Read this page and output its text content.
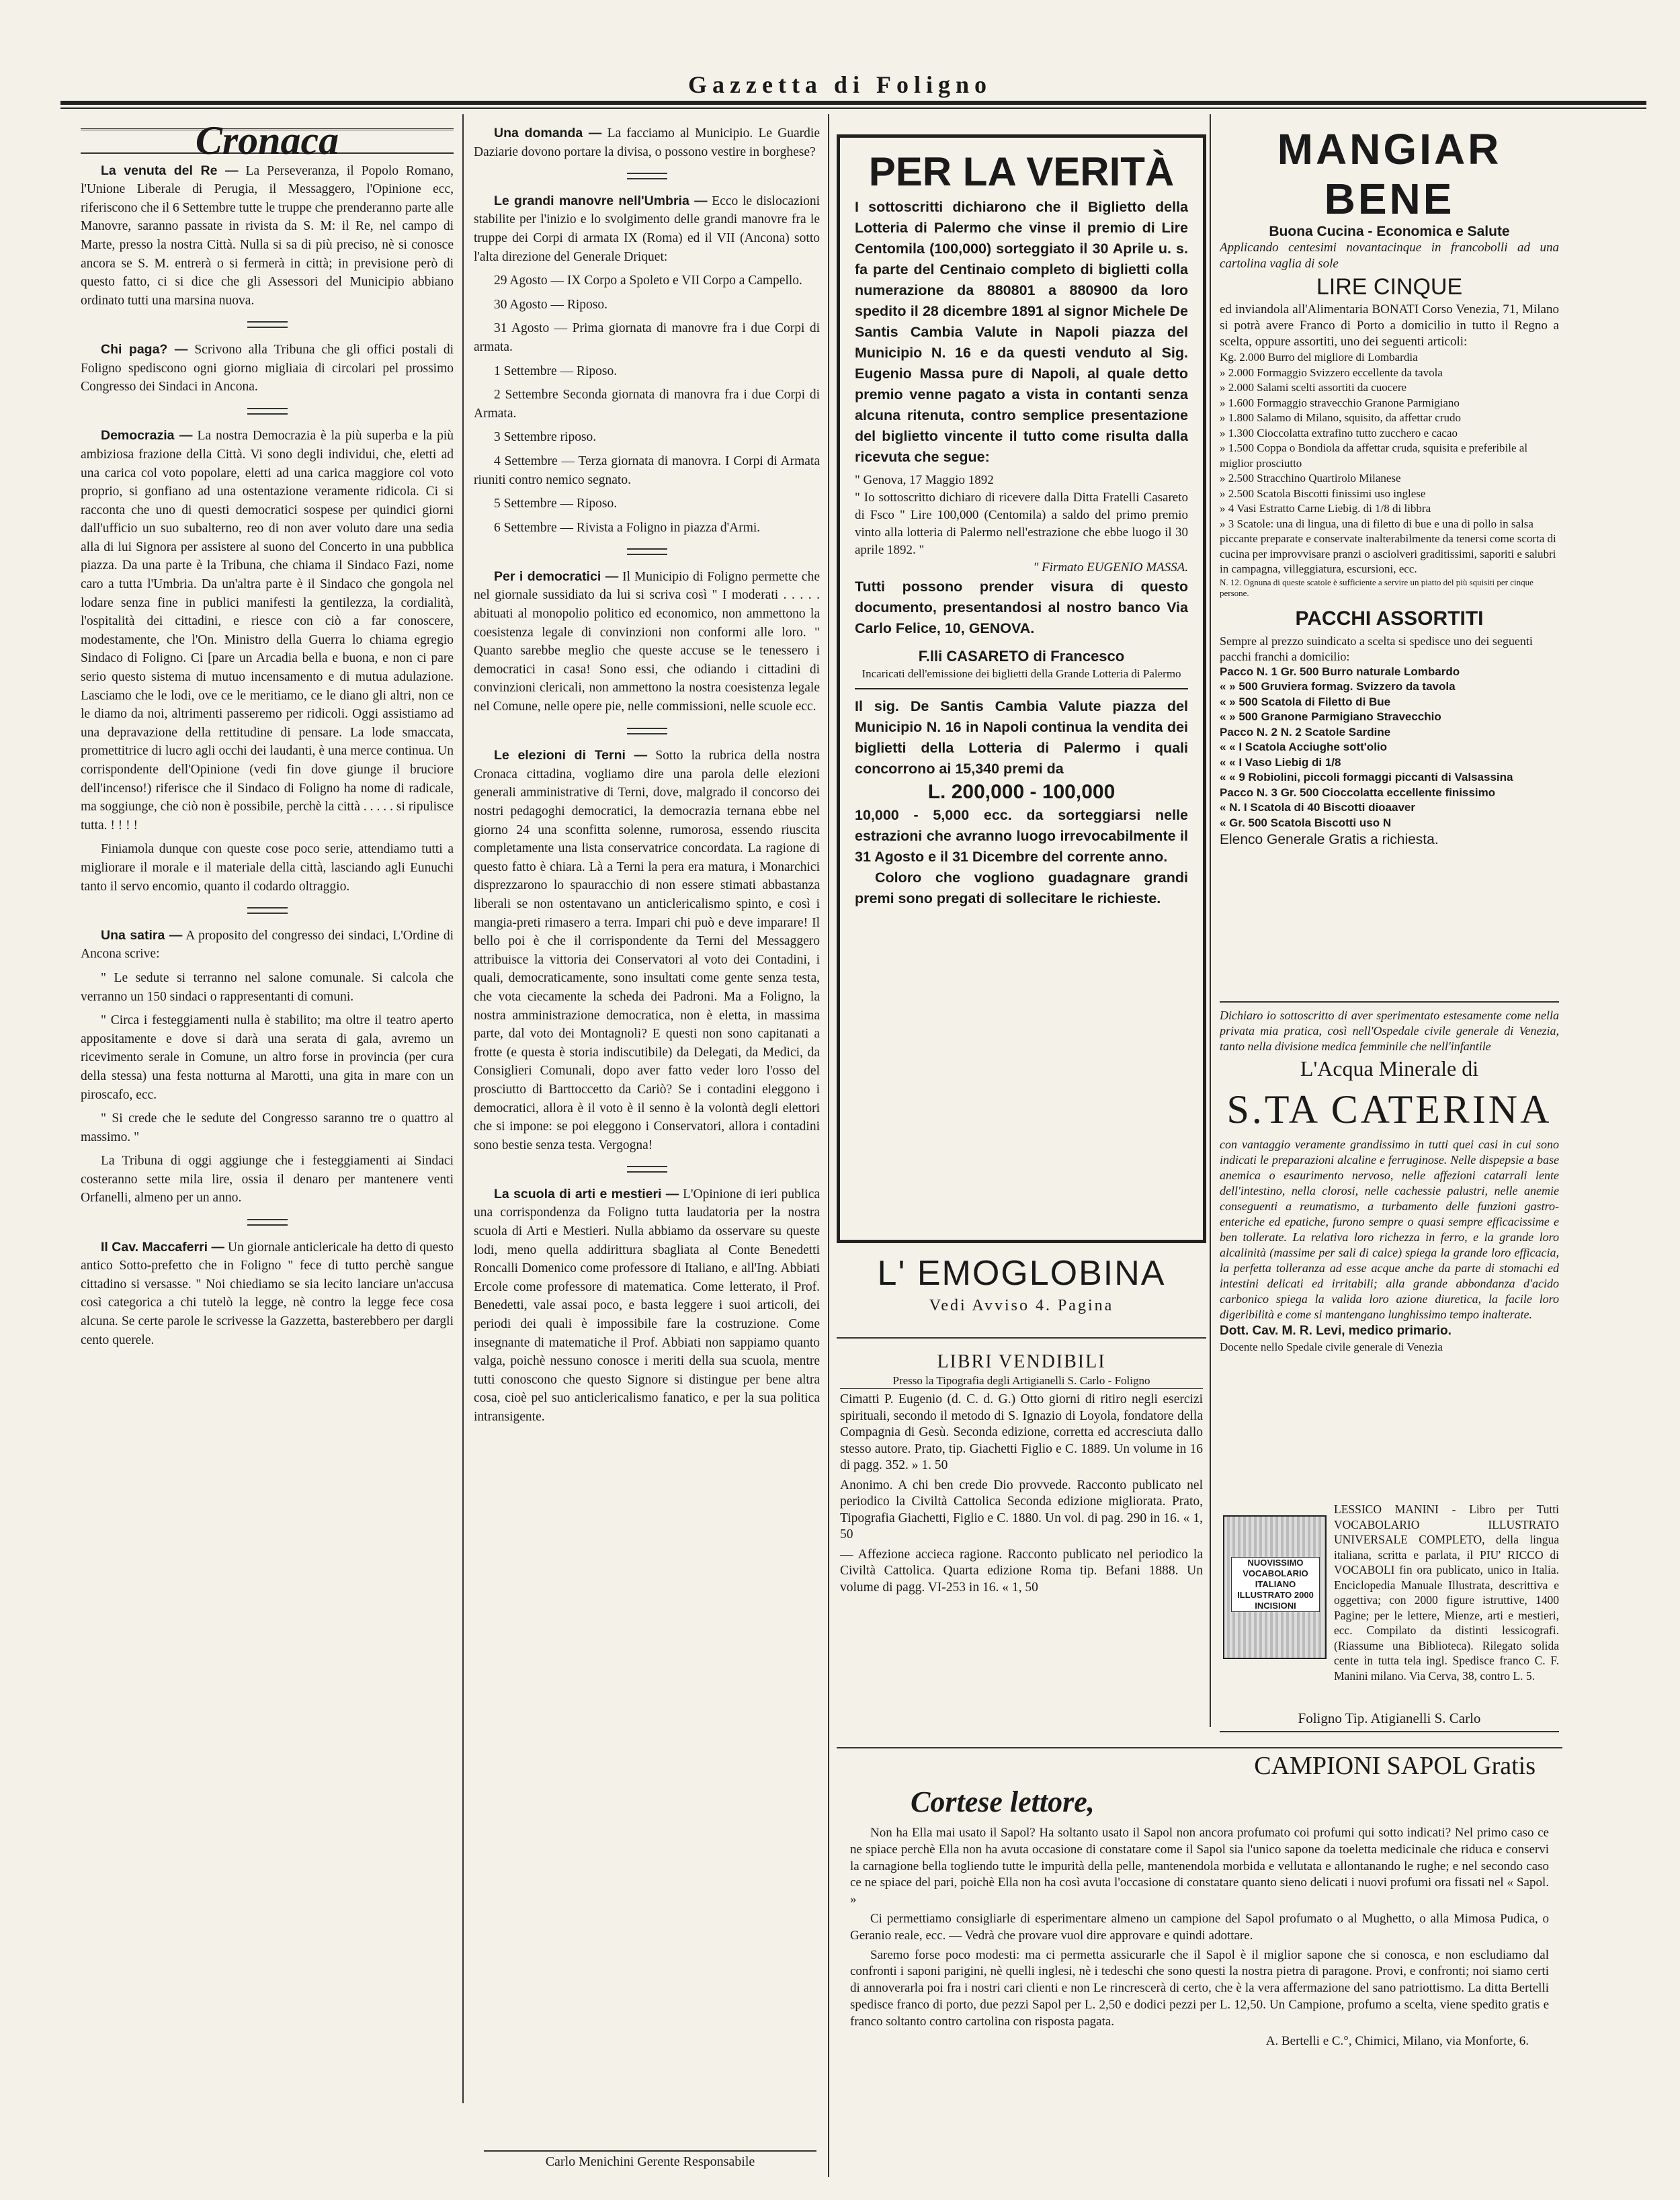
Gazzetta di Foligno
Cronaca

La venuta del Re — La Perseveranza, il Popolo Romano, l'Unione Liberale di Perugia, il Messaggero, l'Opinione ecc, riferiscono che il 6 Settembre tutte le truppe che prenderanno parte alle Manovre, saranno passate in rivista da S. M: il Re, nel campo di Marte, presso la nostra Città. Nulla si sa di più preciso, nè si conosce ancora se S. M. entrerà o si fermerà in città; in previsione però di questo fatto, ci si dice che gli Assessori del Municipio abbiano ordinato tutti una marsina nuova.

Chi paga? — Scrivono alla Tribuna che gli offici postali di Foligno spediscono ogni giorno migliaia di circolari pel prossimo Congresso dei Sindaci in Ancona.

Democrazia — La nostra Democrazia è la più superba e la più ambiziosa frazione della Città. Vi sono degli individui, che, eletti ad una carica col voto popolare, eletti ad una carica maggiore col voto proprio, si gonfiano ad una ostentazione veramente ridicola. Ci si racconta che uno di questi democratici sospese per quindici giorni dall'ufficio un suo subalterno, reo di non aver voluto dare una sedia alla di lui Signora per assistere al suono del Concerto in una pubblica piazza. Da una parte è la Tribuna, che chiama il Sindaco Fazi, nome caro a tutta l'Umbria. Da un'altra parte è il Sindaco che gongola nel lodare senza fine in publici manifesti la gentilezza, la cordialità, l'ospitalità dei cittadini, e riesce con ciò a far conoscere, modestamente, che l'On. Ministro della Guerra lo chiama egregio Sindaco di Foligno. Ci [pare un Arcadia bella e buona, e non ci pare serio questo sistema di mutuo incensamento e di mutua adulazione. Lasciamo che le lodi, ove ce le meritiamo, ce le diano gli altri, non ce le diamo da noi, altrimenti passeremo per ridicoli. Oggi assistiamo ad una depravazione della rettitudine di pensare. La lode smaccata, promettitrice di lucro agli occhi dei laudanti, è una merce continua. Un corrispondente dell'Opinione (vedi fin dove giunge il bruciore dell'incenso!) riferisce che il Sindaco di Foligno ha nome di radicale, ma soggiunge, che ciò non è possibile, perchè la città . . . . . si ripulisce tutta. ! ! ! !

Finiamola dunque con queste cose poco serie, attendiamo tutti a migliorare il morale e il materiale della città, lasciando agli Eunuchi tanto il servo encomio, quanto il codardo oltraggio.

Una satira — A proposito del congresso dei sindaci, L'Ordine di Ancona scrive:

" Le sedute si terranno nel salone comunale. Si calcola che verranno un 150 sindaci o rappresentanti di comuni.

" Circa i festeggiamenti nulla è stabilito; ma oltre il teatro aperto appositamente e dove si darà una serata di gala, avremo un ricevimento serale in Comune, un altro forse in provincia (per cura della stessa) una festa notturna al Marotti, una gita in mare con un piroscafo, ecc.

" Si crede che le sedute del Congresso saranno tre o quattro al massimo. "

La Tribuna di oggi aggiunge che i festeggiamenti ai Sindaci costeranno sette mila lire, ossia il denaro per mantenere venti Orfanelli, almeno per un anno.

Il Cav. Maccaferri — Un giornale anticlericale ha detto di questo antico Sotto-prefetto che in Foligno " fece di tutto perchè sangue cittadino si versasse. " Noi chiediamo se sia lecito lanciare un'accusa così categorica a chi tutelò la legge, nè contro la legge fece cosa alcuna. Se certe parole le scrivesse la Gazzetta, basterebbero per dargli cento querele.

Una domanda — La facciamo al Municipio. Le Guardie Daziarie dovono portare la divisa, o possono vestire in borghese?

Le grandi manovre nell'Umbria — Ecco le dislocazioni stabilite per l'inizio e lo svolgimento delle grandi manovre fra le truppe dei Corpi di armata IX (Roma) ed il VII (Ancona) sotto l'alta direzione del Generale Driquet:

29 Agosto — IX Corpo a Spoleto e VII Corpo a Campello.

30 Agosto — Riposo.

31 Agosto — Prima giornata di manovre fra i due Corpi di armata.

1 Settembre — Riposo.

2 Settembre Seconda giornata di manovra fra i due Corpi di Armata.

3 Settembre riposo.

4 Settembre — Terza giornata di manovra. I Corpi di Armata riuniti contro nemico segnato.

5 Settembre — Riposo.

6 Settembre — Rivista a Foligno in piazza d'Armi.

Per i democratici — Il Municipio di Foligno permette che nel giornale sussidiato da lui si scriva così " I moderati . . . . . abituati al monopolio politico ed economico, non ammettono la coesistenza legale di convinzioni non conformi alle loro. " Quanto sarebbe meglio che queste accuse se le tenessero i democratici in casa! Sono essi, che odiando i cittadini di convinzioni clericali, non ammettono la nostra coesistenza legale nel Comune, nelle opere pie, nelle commissioni, nelle scuole ecc.

Le elezioni di Terni — Sotto la rubrica della nostra Cronaca cittadina, vogliamo dire una parola delle elezioni generali amministrative di Terni, dove, malgrado il concorso dei nostri pedagoghi democratici, la democrazia ternana ebbe nel giorno 24 una sconfitta solenne, rumorosa, essendo riuscita completamente una lista conservatrice concordata. La ragione di questo fatto è chiara. Là a Terni la pera era matura, i Monarchici disprezzarono lo spauracchio di non essere stimati abbastanza liberali se non ostentavano un anticlericalismo spinto, e così i mangia-preti rimasero a terra. Impari chi può e deve imparare! Il bello poi è che il corrispondente da Terni del Messaggero attribuisce la vittoria dei Conservatori al voto dei Contadini, i quali, democraticamente, sono insultati come gente senza testa, che vota ciecamente la scheda dei Padroni. Ma a Foligno, la nostra amministrazione democratica, non è eletta, in massima parte, dal voto dei Montagnoli? E questi non sono capitanati a frotte (e questa è storia indiscutibile) da Delegati, da Medici, da Consiglieri Comunali, dopo aver fatto veder loro l'osso del prosciutto di Barttoccetto da Cariò? Se i contadini eleggono i democratici, allora è il voto è il senno è la volontà degli elettori che si impone: se poi eleggono i Conservatori, allora i contadini sono bestie senza testa. Vergogna!

La scuola di arti e mestieri — L'Opinione di ieri publica una corrispondenza da Foligno tutta laudatoria per la nostra scuola di Arti e Mestieri. Nulla abbiamo da osservare su queste lodi, meno quella addirittura sbagliata al Conte Benedetti Roncalli Domenico come professore di Italiano, e all'Ing. Abbiati Ercole come professore di matematica. Come letterato, il Prof. Benedetti, vale assai poco, e basta leggere i suoi articoli, dei periodi dei quali è impossibile fare la costruzione. Come insegnante di matematiche il Prof. Abbiati non sappiamo quanto valga, poichè nessuno conosce i meriti della sua scuola, mentre tutti conoscono che questo Signore si distingue per bene altra cosa, cioè pel suo anticlericalismo fanatico, e per la sua politica intransigente.

Carlo Menichini Gerente Responsabile
PER LA VERITÀ
I sottoscritti dichiarono che il Biglietto della Lotteria di Palermo che vinse il premio di Lire Centomila (100,000) sorteggiato il 30 Aprile u. s. fa parte del Centinaio completo di biglietti colla numerazione da 880801 a 880900 da loro spedito il 28 dicembre 1891 al signor Michele De Santis Cambia Valute in Napoli piazza del Municipio N. 16 e da questi venduto al Sig. Eugenio Massa pure di Napoli, al quale detto premio venne pagato a vista in contanti senza alcuna ritenuta, contro semplice presentazione del biglietto vincente il tutto come risulta dalla ricevuta che segue:
" Genova, 17 Maggio 1892
" Io sottoscritto dichiaro di ricevere dalla Ditta Fratelli Casareto di Fsco " Lire 100,000 (Centomila) a saldo del primo premio vinto alla lotteria di Palermo nell'estrazione che ebbe luogo il 30 aprile 1892. "
" Firmato EUGENIO MASSA.
Tutti possono prender visura di questo documento, presentandosi al nostro banco Via Carlo Felice, 10, GENOVA.
F.lli CASARETO di Francesco
Incaricati dell'emissione dei biglietti della Grande Lotteria di Palermo
Il sig. De Santis Cambia Valute piazza del Municipio N. 16 in Napoli continua la vendita dei biglietti della Lotteria di Palermo i quali concorrono ai 15,340 premi da
L. 200,000 - 100,000
10,000 - 5,000 ecc. da sorteggiarsi nelle estrazioni che avranno luogo irrevocabilmente il 31 Agosto e il 31 Dicembre del corrente anno.
Coloro che vogliono guadagnare grandi premi sono pregati di sollecitare le richieste.
L' EMOGLOBINA
Vedi Avviso 4. Pagina
LIBRI VENDIBILI
Presso la Tipografia degli Artigianelli S. Carlo - Foligno
Cimatti P. Eugenio (d. C. d. G.) Otto giorni di ritiro negli esercizi spirituali, secondo il metodo di S. Ignazio di Loyola, fondatore della Compagnia di Gesù. Seconda edizione, corretta ed accresciuta dallo stesso autore. Prato, tip. Giachetti Figlio e C. 1889. Un volume in 16 di pagg. 352. » 1. 50
Anonimo. A chi ben crede Dio provvede. Racconto publicato nel periodico la Civiltà Cattolica Seconda edizione migliorata. Prato, Tipografia Giachetti, Figlio e C. 1880. Un vol. di pag. 290 in 16. « 1, 50
— Affezione accieca ragione. Racconto publicato nel periodico la Civiltà Cattolica. Quarta edizione Roma tip. Befani 1888. Un volume di pagg. VI-253 in 16. « 1, 50
MANGIAR BENE
Buona Cucina - Economica e Salute
Applicando centesimi novantacinque in francobolli ad una cartolina vaglia di sole
LIRE CINQUE
ed inviandola all'Alimentaria BONATI Corso Venezia, 71, Milano si potrà avere Franco di Porto a domicilio in tutto il Regno a scelta, oppure assortiti, uno dei seguenti articoli:
Kg. 2.000 Burro del migliore di Lombardia
» 2.000 Formaggio Svizzero eccellente da tavola
» 2.000 Salami scelti assortiti da cuocere
» 1.600 Formaggio stravecchio Granone Parmigiano
» 1.800 Salamo di Milano, squisito, da affettar crudo
» 1.300 Cioccolatta extrafino tutto zucchero e cacao
» 1.500 Coppa o Bondiola da affettar cruda, squisita e preferibile al miglior prosciutto
» 2.500 Stracchino Quartirolo Milanese
» 2.500 Scatola Biscotti finissimi uso inglese
» 4 Vasi Estratto Carne Liebig. di 1/8 di libbra
» 3 Scatole: una di lingua, una di filetto di bue e una di pollo in salsa piccante preparate e conservate inalterabilmente da tenersi come scorta di cucina per improvvisare pranzi o asciolveri graditissimi, saporiti e salubri in campagna, villeggiatura, escursioni, ecc.
N. 12. Ognuna di queste scatole è sufficiente a servire un piatto del più squisiti per cinque persone.
PACCHI ASSORTITI
Sempre al prezzo suindicato a scelta si spedisce uno dei seguenti pacchi franchi a domicilio:
Pacco N. 1 Gr. 500 Burro naturale Lombardo
« » 500 Gruviera formag. Svizzero da tavola
« » 500 Scatola di Filetto di Bue
« » 500 Granone Parmigiano Stravecchio
Pacco N. 2 N. 2 Scatole Sardine
« « I Scatola Acciughe sott'olio
« « I Vaso Liebig di 1/8
« « 9 Robiolini, piccoli formaggi piccanti di Valsassina
Pacco N. 3 Gr. 500 Cioccolatta eccellente finissimo
« N. I Scatola di 40 Biscotti dioaaver
« Gr. 500 Scatola Biscotti uso N
Elenco Generale Gratis a richiesta.
Dichiaro io sottoscritto di aver sperimentato estesamente come nella privata mia pratica, così nell'Ospedale civile generale di Venezia, tanto nella divisione medica femminile che nell'infantile
L'Acqua Minerale di
S.TA CATERINA
con vantaggio veramente grandissimo in tutti quei casi in cui sono indicati le preparazioni alcaline e ferruginose. Nelle dispepsie a base anemica o esaurimento nervoso, nelle affezioni catarrali lente dell'intestino, nella clorosi, nelle cachessie palustri, nelle anemie conseguenti a reumatismo, a turbamento delle funzioni gastro-enteriche ed epatiche, furono sempre o quasi sempre efficacissime e ben tollerate. La relativa loro richezza in ferro, e la grande loro alcalinità (massime per sali di calce) spiega la grande loro efficacia, la perfetta tolleranza ad esse acque anche da parte di stomachi ed intestini delicati ed irritabili; alla grande abbondanza d'acido carbonico spiega la valida loro azione diuretica, la facile loro digeribilità e come si mantengano lunghissimo tempo inalterate.
Dott. Cav. M. R. Levi, medico primario.
Docente nello Spedale civile generale di Venezia
NUOVISSIMO VOCABOLARIO ITALIANO ILLUSTRATO 2000 INCISIONI
LESSICO MANINI - Libro per Tutti VOCABOLARIO ILLUSTRATO UNIVERSALE COMPLETO, della lingua italiana, scritta e parlata, il PIU' RICCO di VOCABOLI fin ora publicato, unico in Italia. Enciclopedia Manuale Illustrata, descrittiva e oggettiva; con 2000 figure istruttive, 1400 Pagine; per le lettere, Mienze, arti e mestieri, ecc. Compilato da distinti lessicografi. (Riassume una Biblioteca). Rilegato solida cente in tutta tela ingl. Spedisce franco C. F. Manini milano. Via Cerva, 38, contro L. 5.
Foligno Tip. Atigianelli S. Carlo
CAMPIONI SAPOL Gratis
Cortese lettore,

Non ha Ella mai usato il Sapol? Ha soltanto usato il Sapol non ancora profumato coi profumi qui sotto indicati? Nel primo caso ce ne spiace perchè Ella non ha avuta occasione di constatare come il Sapol sia l'unico sapone da toeletta medicinale che riduca e conservi la carnagione bella togliendo tutte le impurità della pelle, mantenendola morbida e vellutata e allontanando le rughe; e nel secondo caso ce ne spiace del pari, poichè Ella non ha così avuta l'occasione di constatare quanto sieno delicati i nuovi profumi ora fissati nel « Sapol. »

Ci permettiamo consigliarle di esperimentare almeno un campione del Sapol profumato o al Mughetto, o alla Mimosa Pudica, o Geranio reale, ecc. — Vedrà che provare vuol dire approvare e quindi adottare.

Saremo forse poco modesti: ma ci permetta assicurarle che il Sapol è il miglior sapone che si conosca, e non escludiamo dal confronti i saponi parigini, nè quelli inglesi, nè i tedeschi che sono questi la nostra pietra di paragone. Provi, e confronti; noi siamo certi di annoverarla poi fra i nostri cari clienti e non Le rincrescerà di certo, che è la vera affermazione del sano patriottismo. La ditta Bertelli spedisce franco di porto, due pezzi Sapol per L. 2,50 e dodici pezzi per L. 12,50. Un Campione, profumo a scelta, viene spedito gratis e franco soltanto contro cartolina con risposta pagata.

A. Bertelli e C.°, Chimici, Milano, via Monforte, 6.
